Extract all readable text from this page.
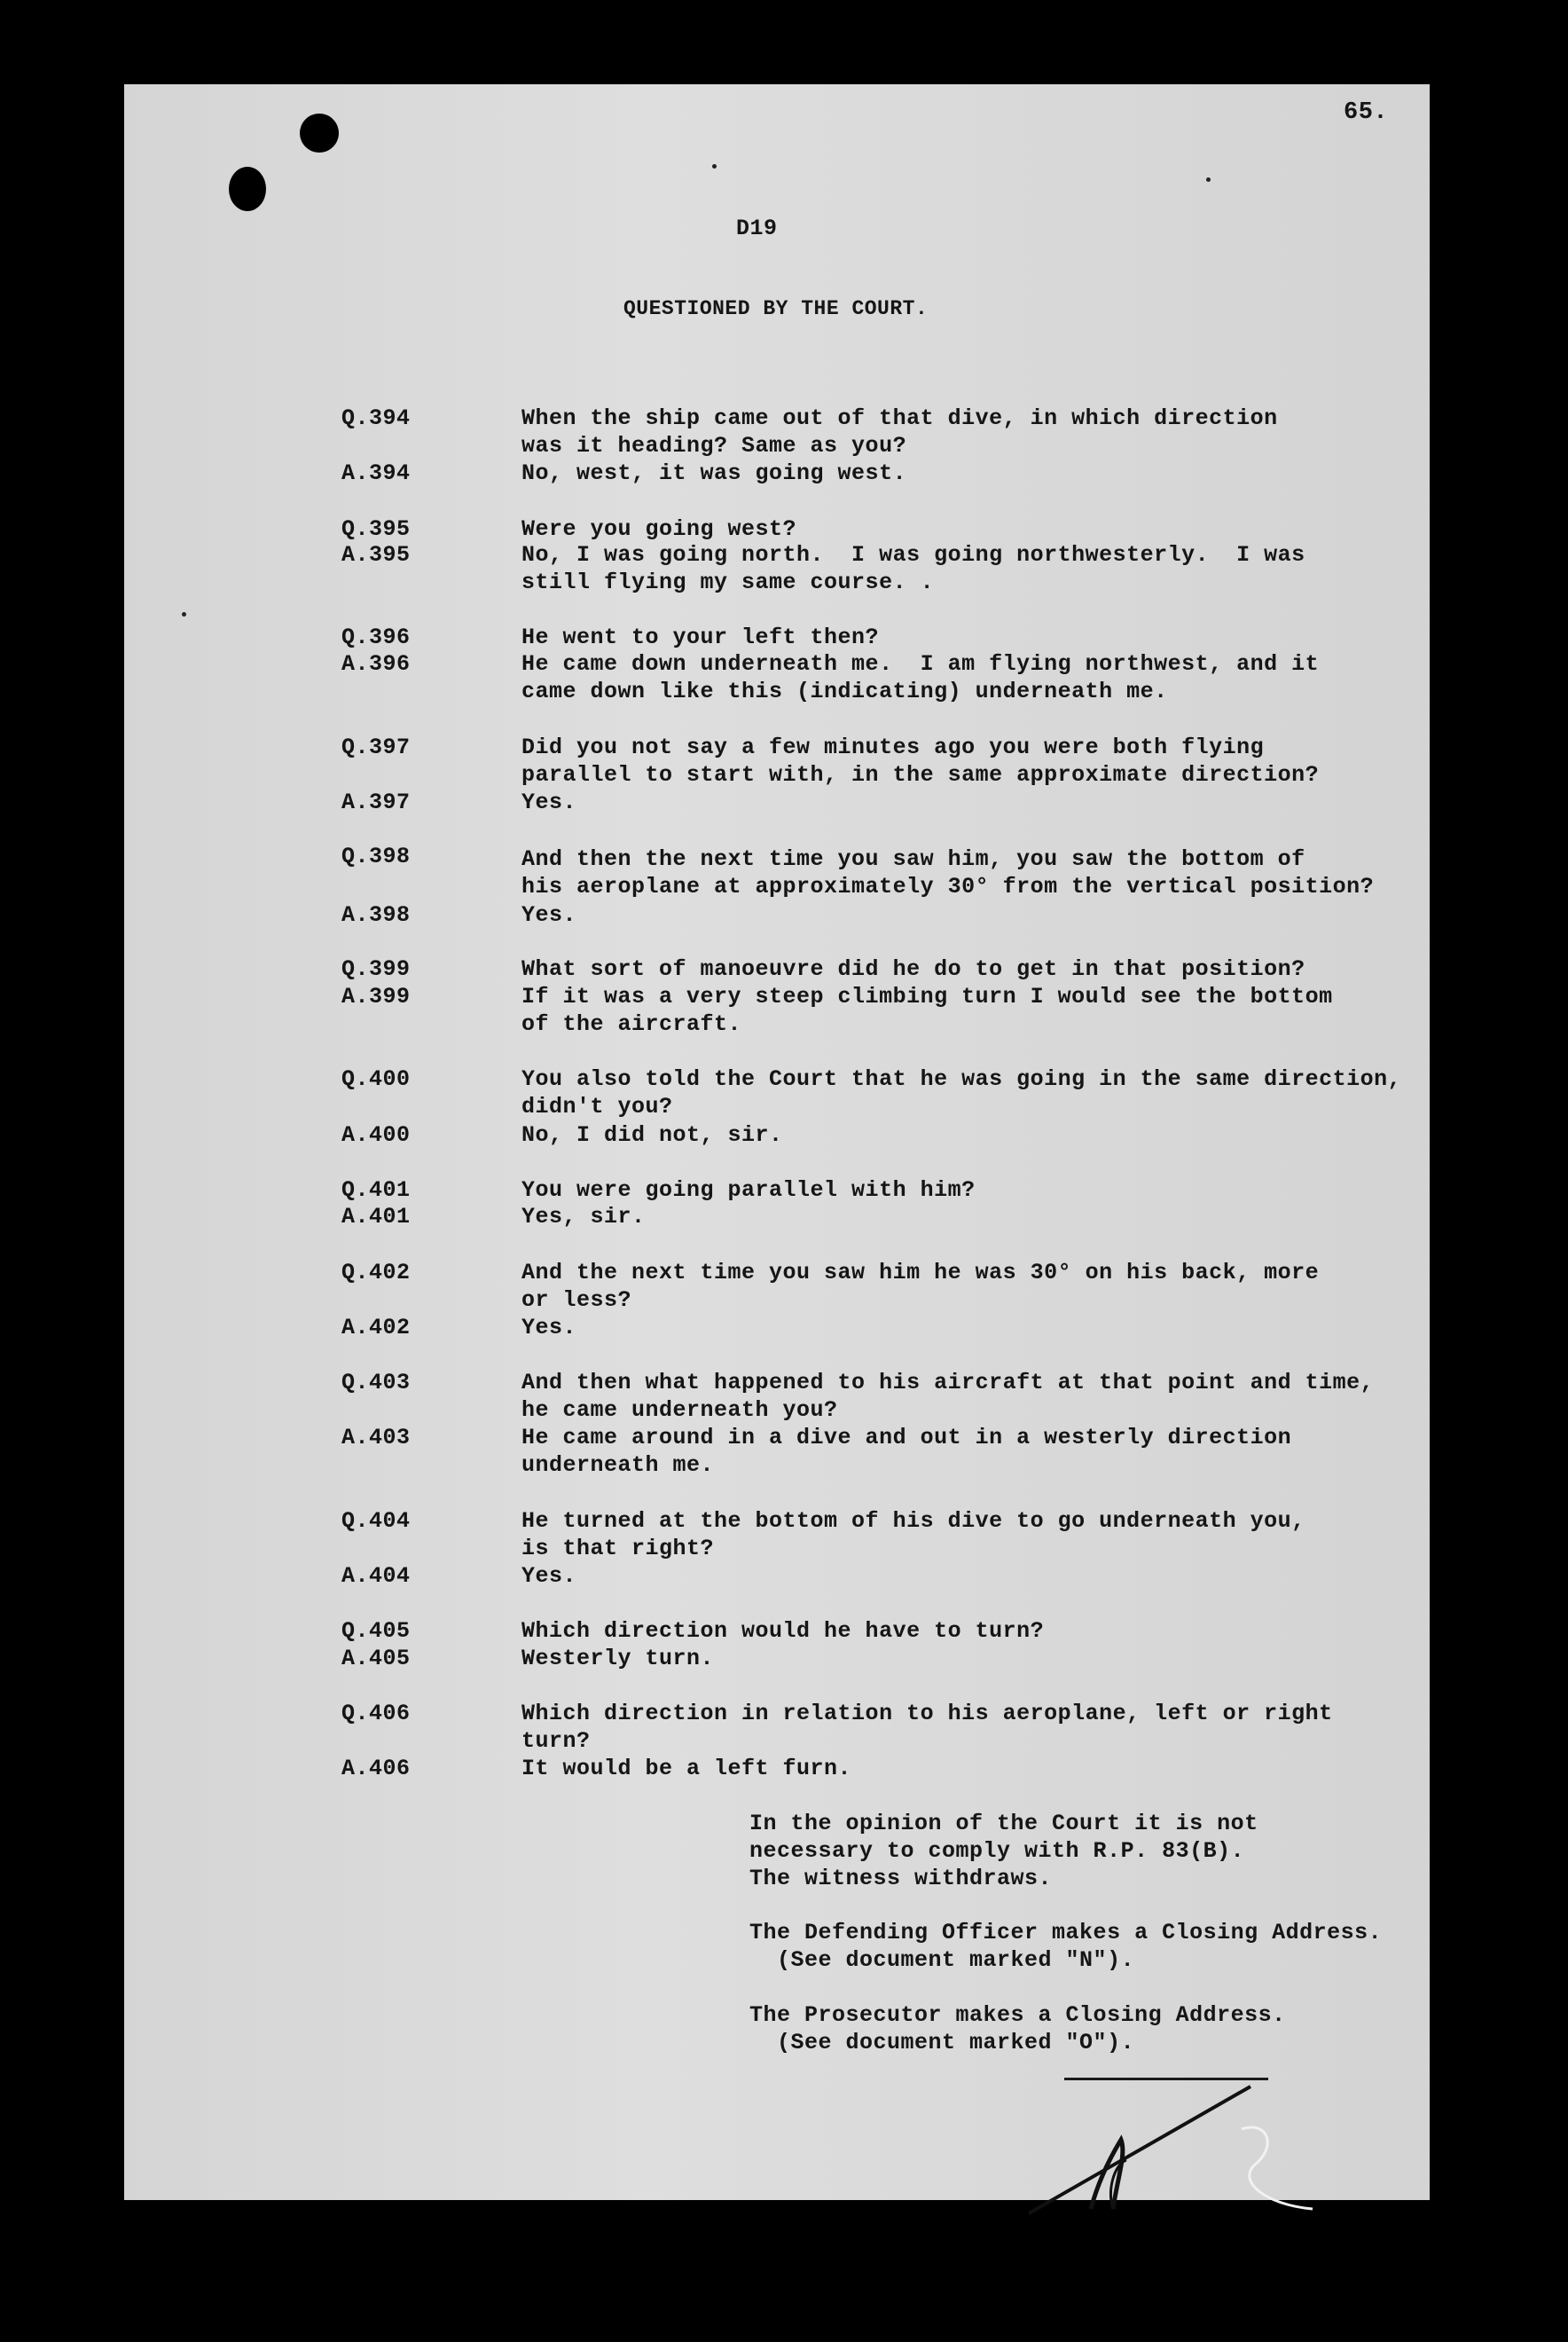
65.
D19
QUESTIONED BY THE COURT.
Q.394	When the ship came out of that dive, in which direction
was it heading? Same as you?
A.394	No, west, it was going west.
Q.395	Were you going west?
A.395	No, I was going north.  I was going northwesterly.  I was
still flying my same course. .
Q.396	He went to your left then?
A.396	He came down underneath me.  I am flying northwest, and it
came down like this (indicating) underneath me.
Q.397	Did you not say a few minutes ago you were both flying
parallel to start with, in the same approximate direction?
A.397	Yes.
Q.398	And then the next time you saw him, you saw the bottom of
his aeroplane at approximately 30° from the vertical position?
A.398	Yes.
Q.399	What sort of manoeuvre did he do to get in that position?
A.399	If it was a very steep climbing turn I would see the bottom
of the aircraft.
Q.400	You also told the Court that he was going in the same direction,
didn't you?
A.400	No, I did not, sir.
Q.401	You were going parallel with him?
A.401	Yes, sir.
Q.402	And the next time you saw him he was 30° on his back, more
or less?
A.402	Yes.
Q.403	And then what happened to his aircraft at that point and time,
he came underneath you?
A.403	He came around in a dive and out in a westerly direction
underneath me.
Q.404	He turned at the bottom of his dive to go underneath you,
is that right?
A.404	Yes.
Q.405	Which direction would he have to turn?
A.405	Westerly turn.
Q.406	Which direction in relation to his aeroplane, left or right
turn?
A.406	It would be a left furn.
In the opinion of the Court it is not
necessary to comply with R.P. 83(B).
The witness withdraws.
The Defending Officer makes a Closing Address.
(See document marked "N").
The Prosecutor makes a Closing Address.
(See document marked "O").
